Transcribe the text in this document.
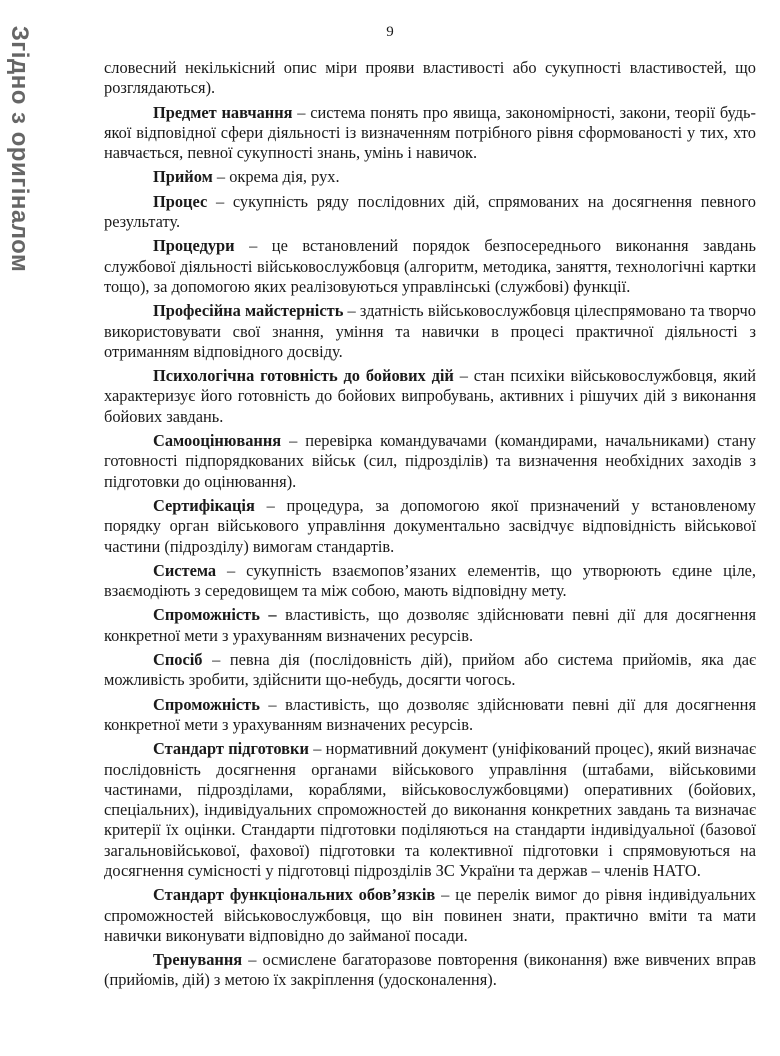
Згідно з оригіналом	9

словесний некількісний опис міри прояви властивості або сукупності властивостей, що розглядаються).

Предмет навчання – система понять про явища, закономірності, закони, теорії будь-якої відповідної сфери діяльності із визначенням потрібного рівня сформованості у тих, хто навчається, певної сукупності знань, умінь і навичок.

Прийом – окрема дія, рух.

Процес – сукупність ряду послідовних дій, спрямованих на досягнення певного результату.

Процедури – це встановлений порядок безпосереднього виконання завдань службової діяльності військовослужбовця (алгоритм, методика, заняття, технологічні картки тощо), за допомогою яких реалізовуються управлінські (службові) функції.

Професійна майстерність – здатність військовослужбовця цілеспрямовано та творчо використовувати свої знання, уміння та навички в процесі практичної діяльності з отриманням відповідного досвіду.

Психологічна готовність до бойових дій – стан психіки військовослужбовця, який характеризує його готовність до бойових випробувань, активних і рішучих дій з виконання бойових завдань.

Самооцінювання – перевірка командувачами (командирами, начальниками) стану готовності підпорядкованих військ (сил, підрозділів) та визначення необхідних заходів з підготовки до оцінювання).

Сертифікація – процедура, за допомогою якої призначений у встановленому порядку орган військового управління документально засвідчує відповідність військової частини (підрозділу) вимогам стандартів.

Система – сукупність взаємопов’язаних елементів, що утворюють єдине ціле, взаємодіють з середовищем та між собою, мають відповідну мету.

Спроможність – властивість, що дозволяє здійснювати певні дії для досягнення конкретної мети з урахуванням визначених ресурсів.

Спосіб – певна дія (послідовність дій), прийом або система прийомів, яка дає можливість зробити, здійснити що-небудь, досягти чогось.

Спроможність – властивість, що дозволяє здійснювати певні дії для досягнення конкретної мети з урахуванням визначених ресурсів.

Стандарт підготовки – нормативний документ (уніфікований процес), який визначає послідовність досягнення органами військового управління (штабами, військовими частинами, підрозділами, кораблями, військовослужбовцями) оперативних (бойових, спеціальних), індивідуальних спроможностей до виконання конкретних завдань та визначає критерії їх оцінки. Стандарти підготовки поділяються на стандарти індивідуальної (базової загальновійськової, фахової) підготовки та колективної підготовки і спрямовуються на досягнення сумісності у підготовці підрозділів ЗС України та держав – членів НАТО.

Стандарт функціональних обов’язків – це перелік вимог до рівня індивідуальних спроможностей військовослужбовця, що він повинен знати, практично вміти та мати навички виконувати відповідно до займаної посади.

Тренування – осмислене багаторазове повторення (виконання) вже вивчених вправ (прийомів, дій) з метою їх закріплення (удосконалення).
